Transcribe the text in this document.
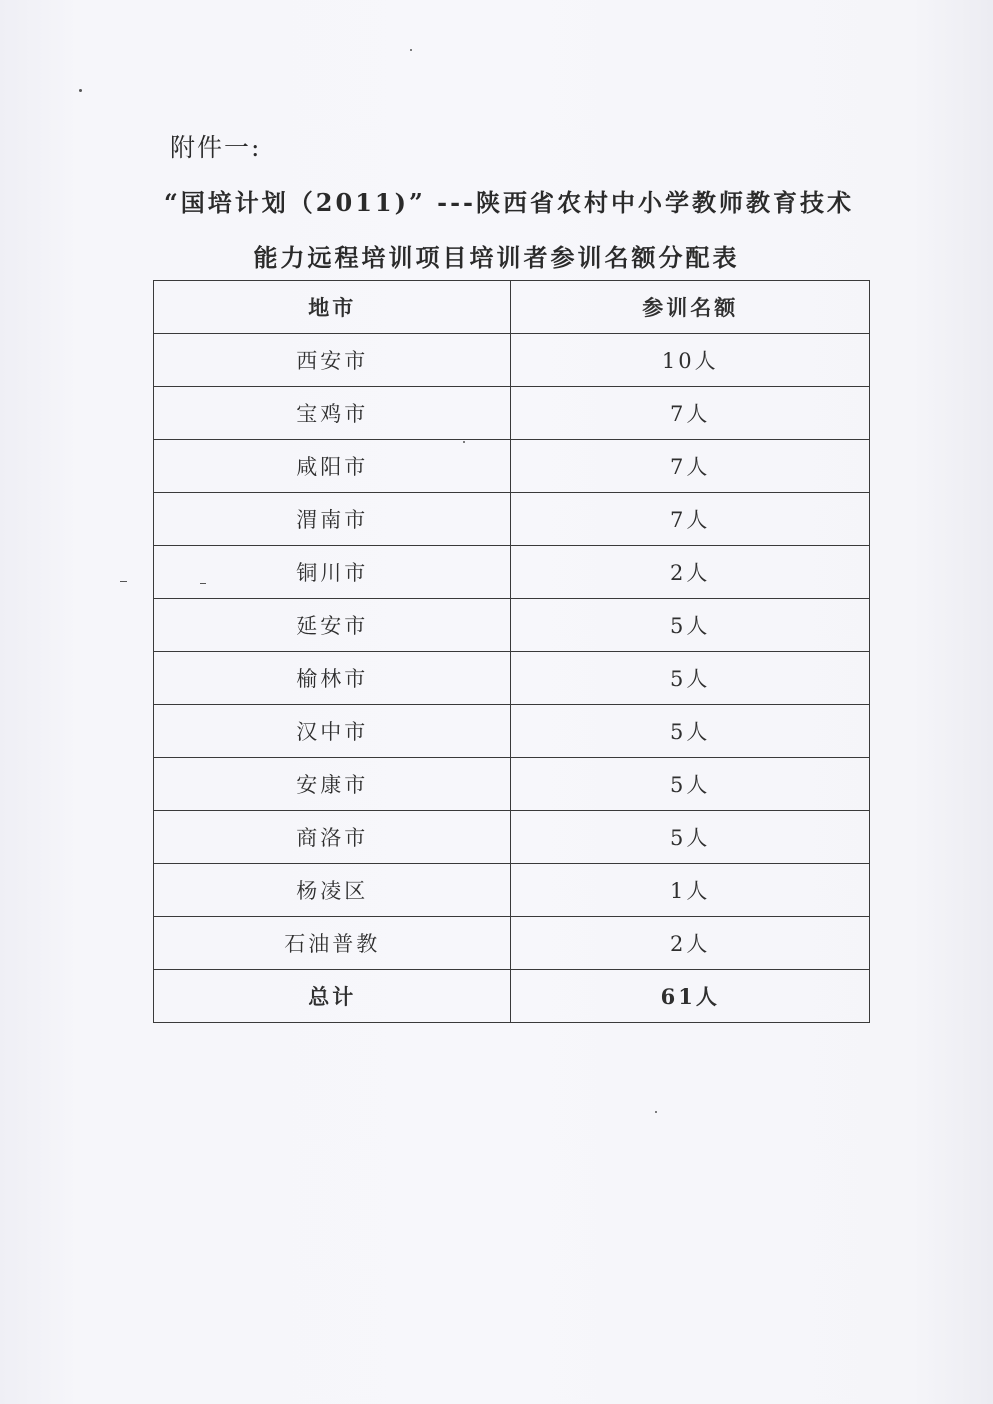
附件一:
“国培计划（2011)” ---陕西省农村中小学教师教育技术
能力远程培训项目培训者参训名额分配表
地市	参训名额
西安市	10人
宝鸡市	7人
咸阳市	7人
渭南市	7人
铜川市	2人
延安市	5人
榆林市	5人
汉中市	5人
安康市	5人
商洛市	5人
杨凌区	1人
石油普教	2人
总计	61人
